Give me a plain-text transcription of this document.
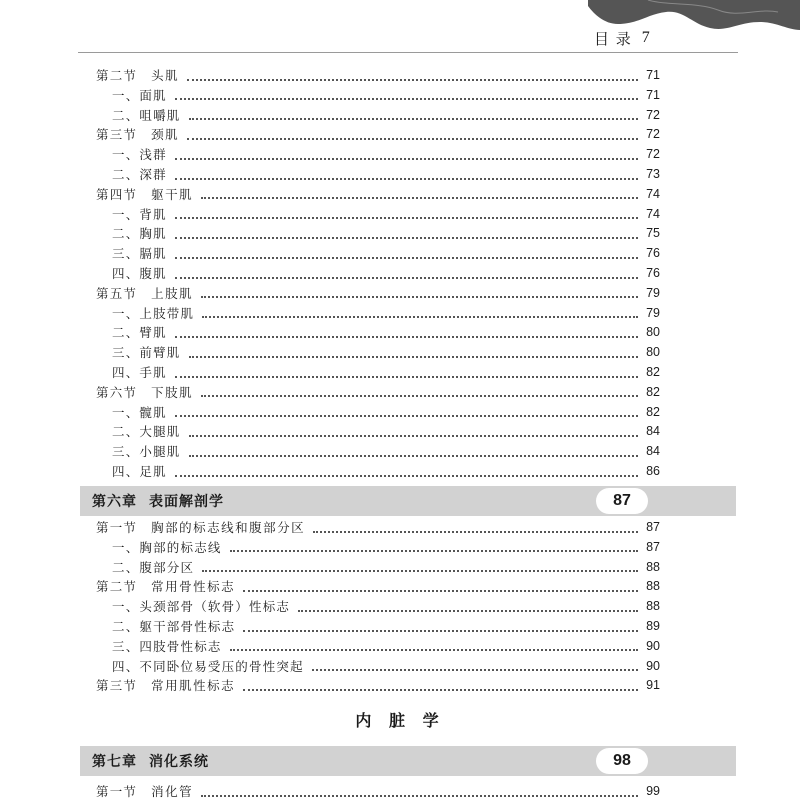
目 录 7
第六章 表面解剖学	87
内 脏 学
第七章 消化系统	98
第二节 头肌	71
一、面肌	71
二、咀嚼肌	72
第三节 颈肌	72
一、浅群	72
二、深群	73
第四节 躯干肌	74
一、背肌	74
二、胸肌	75
三、膈肌	76
四、腹肌	76
第五节 上肢肌	79
一、上肢带肌	79
二、臂肌	80
三、前臂肌	80
四、手肌	82
第六节 下肢肌	82
一、髋肌	82
二、大腿肌	84
三、小腿肌	84
四、足肌	86
第一节 胸部的标志线和腹部分区	87
一、胸部的标志线	87
二、腹部分区	88
第二节 常用骨性标志	88
一、头颈部骨（软骨）性标志	88
二、躯干部骨性标志	89
三、四肢骨性标志	90
四、不同卧位易受压的骨性突起	90
第三节 常用肌性标志	91
第一节 消化管	99
